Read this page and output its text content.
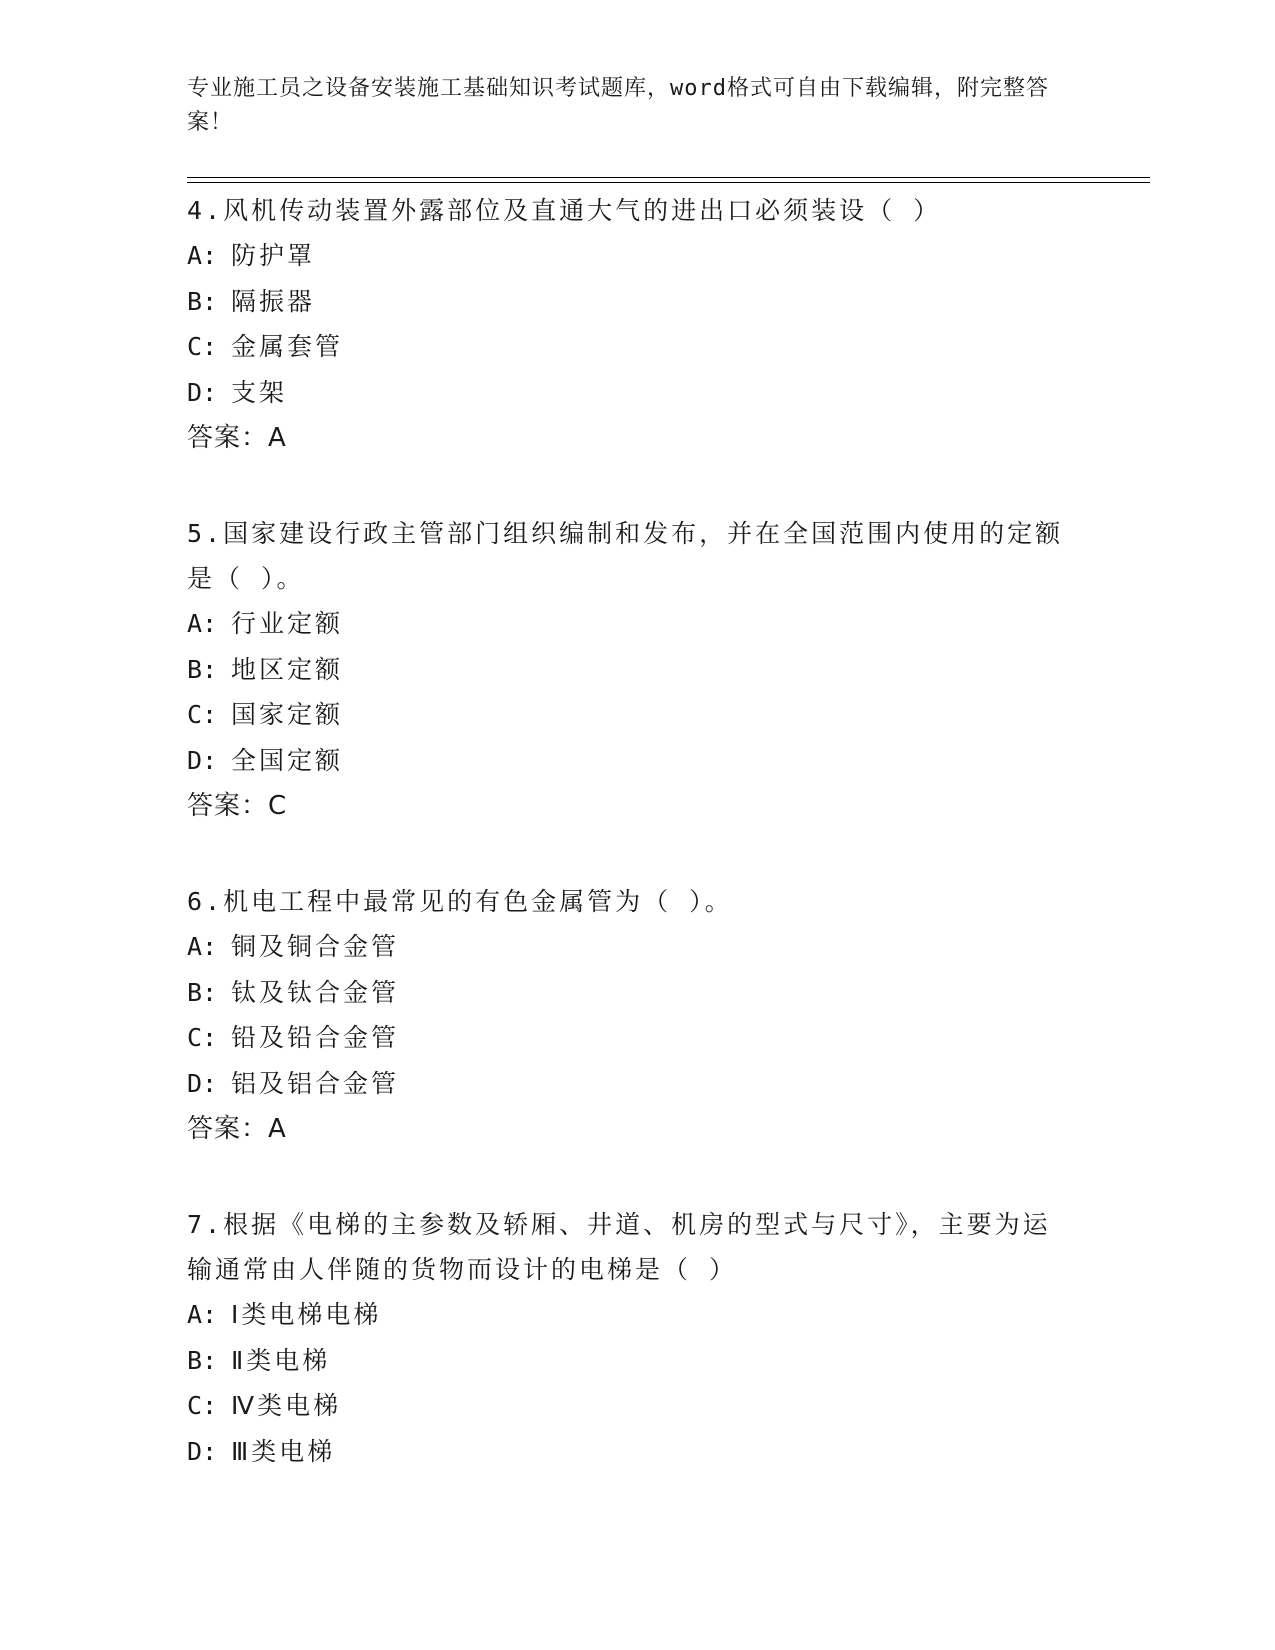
专业施工员之设备安装施工基础知识考试题库，word格式可自由下载编辑，附完整答案！

4.风机传动装置外露部位及直通大气的进出口必须装设（ ）

A: 防护罩
B: 隔振器
C: 金属套管
D: 支架
答案：A

5.国家建设行政主管部门组织编制和发布，并在全国范围内使用的定额是（ ）。

A: 行业定额
B: 地区定额
C: 国家定额
D: 全国定额
答案：C

6.机电工程中最常见的有色金属管为（ ）。

A: 铜及铜合金管
B: 钛及钛合金管
C: 铅及铅合金管
D: 铝及铝合金管
答案：A

7.根据《电梯的主参数及轿厢、井道、机房的型式与尺寸》，主要为运输通常由人伴随的货物而设计的电梯是（ ）

A: Ⅰ类电梯电梯
B: Ⅱ类电梯
C: Ⅳ类电梯
D: Ⅲ类电梯
